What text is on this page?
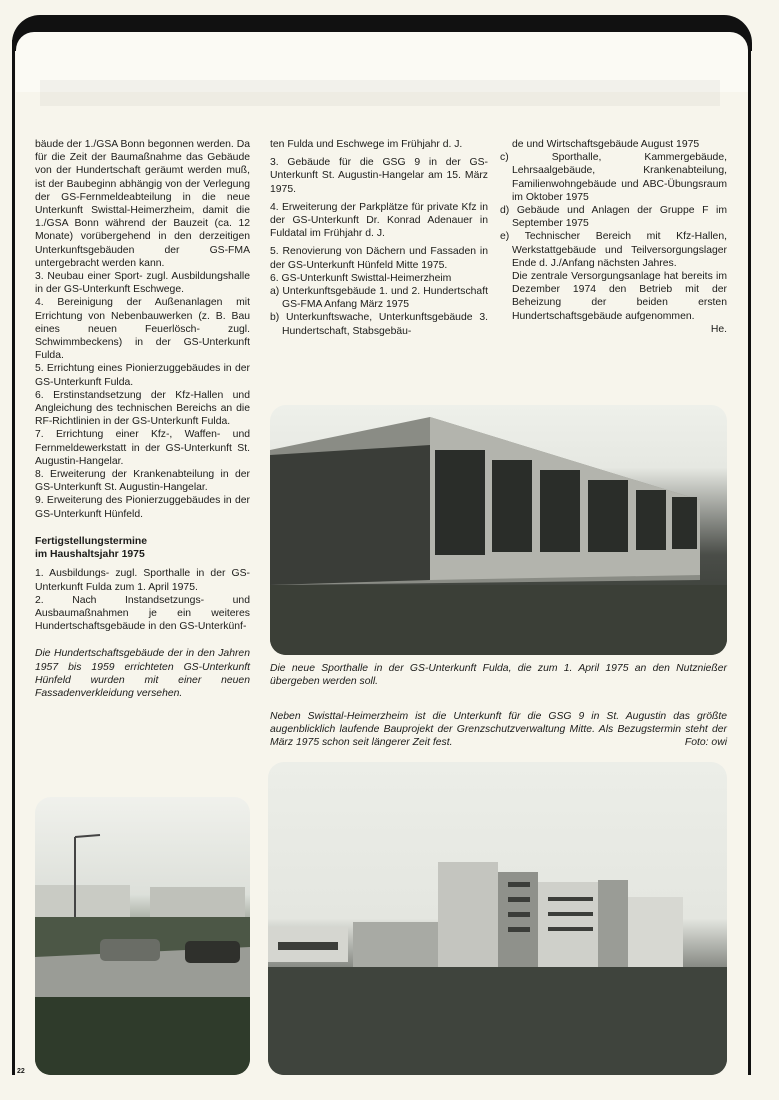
bäude der 1./GSA Bonn begonnen werden. Da für die Zeit der Baumaßnahme das Gebäude von der Hundertschaft geräumt werden muß, ist der Baubeginn abhängig von der Verlegung der GS-Fernmeldeabteilung in die neue Unterkunft Swisttal-Heimerzheim, damit die 1./GSA Bonn während der Bauzeit (ca. 12 Monate) vorübergehend in den derzeitigen Unterkunftsgebäuden der GS-FMA untergebracht werden kann.

3. Neubau einer Sport- zugl. Ausbildungshalle in der GS-Unterkunft Eschwege.

4. Bereinigung der Außenanlagen mit Errichtung von Nebenbauwerken (z. B. Bau eines neuen Feuerlösch- zugl. Schwimmbeckens) in der GS-Unterkunft Fulda.

5. Errichtung eines Pionierzuggebäudes in der GS-Unterkunft Fulda.

6. Erstinstandsetzung der Kfz-Hallen und Angleichung des technischen Bereichs an die RF-Richtlinien in der GS-Unterkunft Fulda.

7. Errichtung einer Kfz-, Waffen- und Fernmeldewerkstatt in der GS-Unterkunft St. Augustin-Hangelar.

8. Erweiterung der Krankenabteilung in der GS-Unterkunft St. Augustin-Hangelar.

9. Erweiterung des Pionierzuggebäudes in der GS-Unterkunft Hünfeld.

Fertigstellungstermine
im Haushaltsjahr 1975

1. Ausbildungs- zugl. Sporthalle in der GS-Unterkunft Fulda zum 1. April 1975.

2. Nach Instandsetzungs- und Ausbaumaßnahmen je ein weiteres Hundertschaftsgebäude in den GS-Unterkünf-

Die Hundertschaftsgebäude der in den Jahren 1957 bis 1959 errichteten GS-Unterkunft Hünfeld wurden mit einer neuen Fassadenverkleidung versehen.

ten Fulda und Eschwege im Frühjahr d. J.

3. Gebäude für die GSG 9 in der GS-Unterkunft St. Augustin-Hangelar am 15. März 1975.

4. Erweiterung der Parkplätze für private Kfz in der GS-Unterkunft Dr. Konrad Adenauer in Fuldatal im Frühjahr d. J.

5. Renovierung von Dächern und Fassaden in der GS-Unterkunft Hünfeld Mitte 1975.

6. GS-Unterkunft Swisttal-Heimerzheim

a) Unterkunftsgebäude 1. und 2. Hundertschaft GS-FMA Anfang März 1975

b) Unterkunftswache, Unterkunftsgebäude 3. Hundertschaft, Stabsgebäu-

de und Wirtschaftsgebäude August 1975

c) Sporthalle, Kammergebäude, Lehrsaalgebäude, Krankenabteilung, Familienwohngebäude und ABC-Übungsraum im Oktober 1975

d) Gebäude und Anlagen der Gruppe F im September 1975

e) Technischer Bereich mit Kfz-Hallen, Werkstattgebäude und Teilversorgungslager Ende d. J./Anfang nächsten Jahres.

Die zentrale Versorgungsanlage hat bereits im Dezember 1974 den Betrieb mit der Beheizung der beiden ersten Hundertschaftsgebäude aufgenommen.

He.

Die neue Sporthalle in der GS-Unterkunft Fulda, die zum 1. April 1975 an den Nutznießer übergeben werden soll.
Neben Swisttal-Heimerzheim ist die Unterkunft für die GSG 9 in St. Augustin das größte augenblicklich laufende Bauprojekt der Grenzschutzverwaltung Mitte. Als Bezugstermin steht der März 1975 schon seit längerer Zeit fest.	Foto: owi
22
